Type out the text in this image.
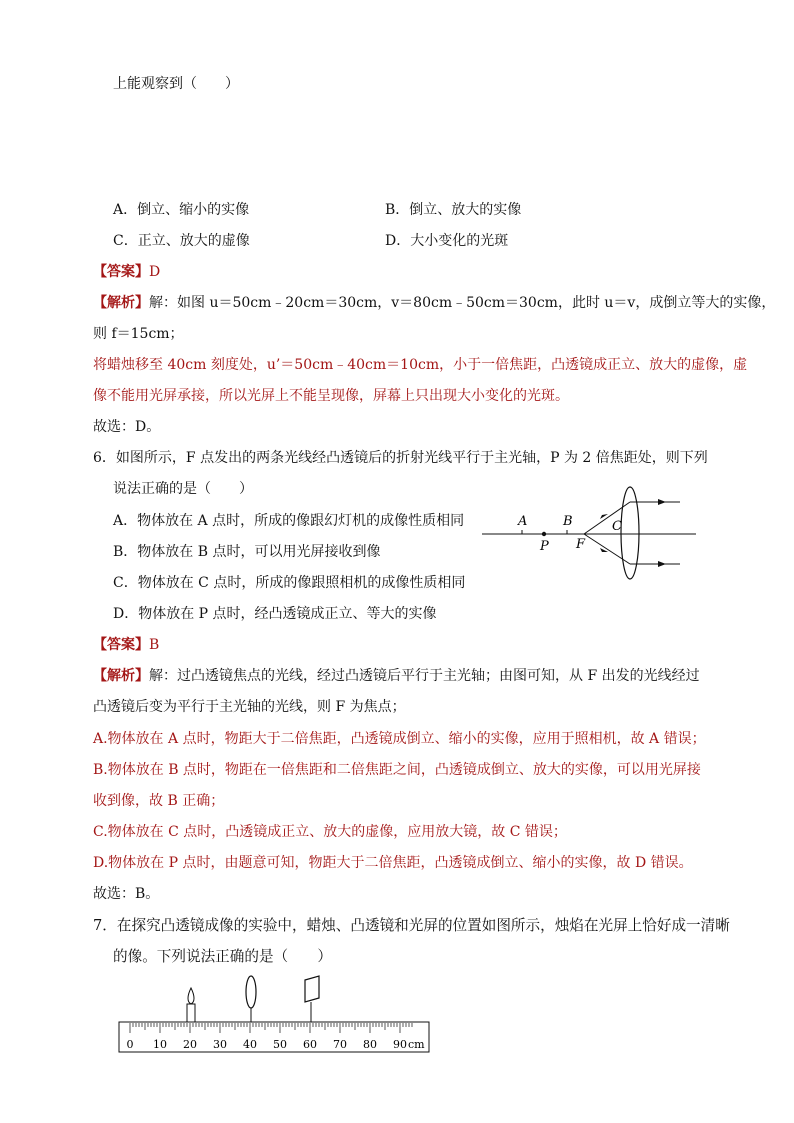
上能观察到（　　）
A．倒立、缩小的实像	B．倒立、放大的实像
C．正立、放大的虚像	D．大小变化的光斑
【答案】D
【解析】解：如图 u＝50cm﹣20cm＝30cm，v＝80cm﹣50cm＝30cm，此时 u＝v，成倒立等大的实像，
则 f＝15cm；
将蜡烛移至 40cm 刻度处，u’＝50cm﹣40cm＝10cm，小于一倍焦距，凸透镜成正立、放大的虚像，虚
像不能用光屏承接，所以光屏上不能呈现像，屏幕上只出现大小变化的光斑。
故选：D。
6．如图所示，F 点发出的两条光线经凸透镜后的折射光线平行于主光轴，P 为 2 倍焦距处，则下列
说法正确的是（　　）
A．物体放在 A 点时，所成的像跟幻灯机的成像性质相同
B．物体放在 B 点时，可以用光屏接收到像
C．物体放在 C 点时，所成的像跟照相机的成像性质相同
D．物体放在 P 点时，经凸透镜成正立、等大的实像
A	B	C
P F
【答案】B
【解析】解：过凸透镜焦点的光线，经过凸透镜后平行于主光轴；由图可知，从 F 出发的光线经过
凸透镜后变为平行于主光轴的光线，则 F 为焦点；
A.物体放在 A 点时，物距大于二倍焦距，凸透镜成倒立、缩小的实像，应用于照相机，故 A 错误；
B.物体放在 B 点时，物距在一倍焦距和二倍焦距之间，凸透镜成倒立、放大的实像，可以用光屏接
收到像，故 B 正确；
C.物体放在 C 点时，凸透镜成正立、放大的虚像，应用放大镜，故 C 错误；
D.物体放在 P 点时，由题意可知，物距大于二倍焦距，凸透镜成倒立、缩小的实像，故 D 错误。
故选：B。
7．在探究凸透镜成像的实验中，蜡烛、凸透镜和光屏的位置如图所示，烛焰在光屏上恰好成一清晰
的像。下列说法正确的是（　　）
0 10 20 30 40 50 60 70 80 90 cm
